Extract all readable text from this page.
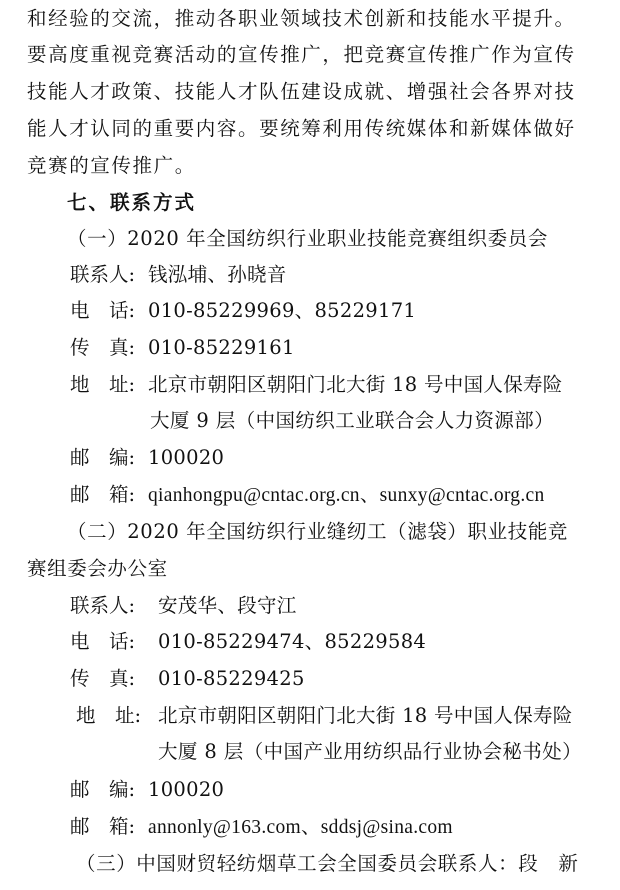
和经验的交流，推动各职业领域技术创新和技能水平提升。
要高度重视竞赛活动的宣传推广，把竞赛宣传推广作为宣传
技能人才政策、技能人才队伍建设成就、增强社会各界对技
能人才认同的重要内容。要统筹利用传统媒体和新媒体做好
竞赛的宣传推广。
七、联系方式
（一）2020 年全国纺织行业职业技能竞赛组织委员会
联系人: 钱泓埔、孙晓音
电　话: 010-85229969、85229171
传　真: 010-85229161
地　址: 北京市朝阳区朝阳门北大街 18 号中国人保寿险
大厦 9 层（中国纺织工业联合会人力资源部）
邮　编: 100020
邮　箱: qianhongpu@cntac.org.cn、sunxy@cntac.org.cn
（二）2020 年全国纺织行业缝纫工（滤袋）职业技能竞
赛组委会办公室
联系人: 安茂华、段守江
电　话: 010-85229474、85229584
传　真: 010-85229425
地　址: 北京市朝阳区朝阳门北大街 18 号中国人保寿险
大厦 8 层（中国产业用纺织品行业协会秘书处）
邮　编: 100020
邮　箱: annonly@163.com、sddsj@sina.com
（三）中国财贸轻纺烟草工会全国委员会联系人：段　新
